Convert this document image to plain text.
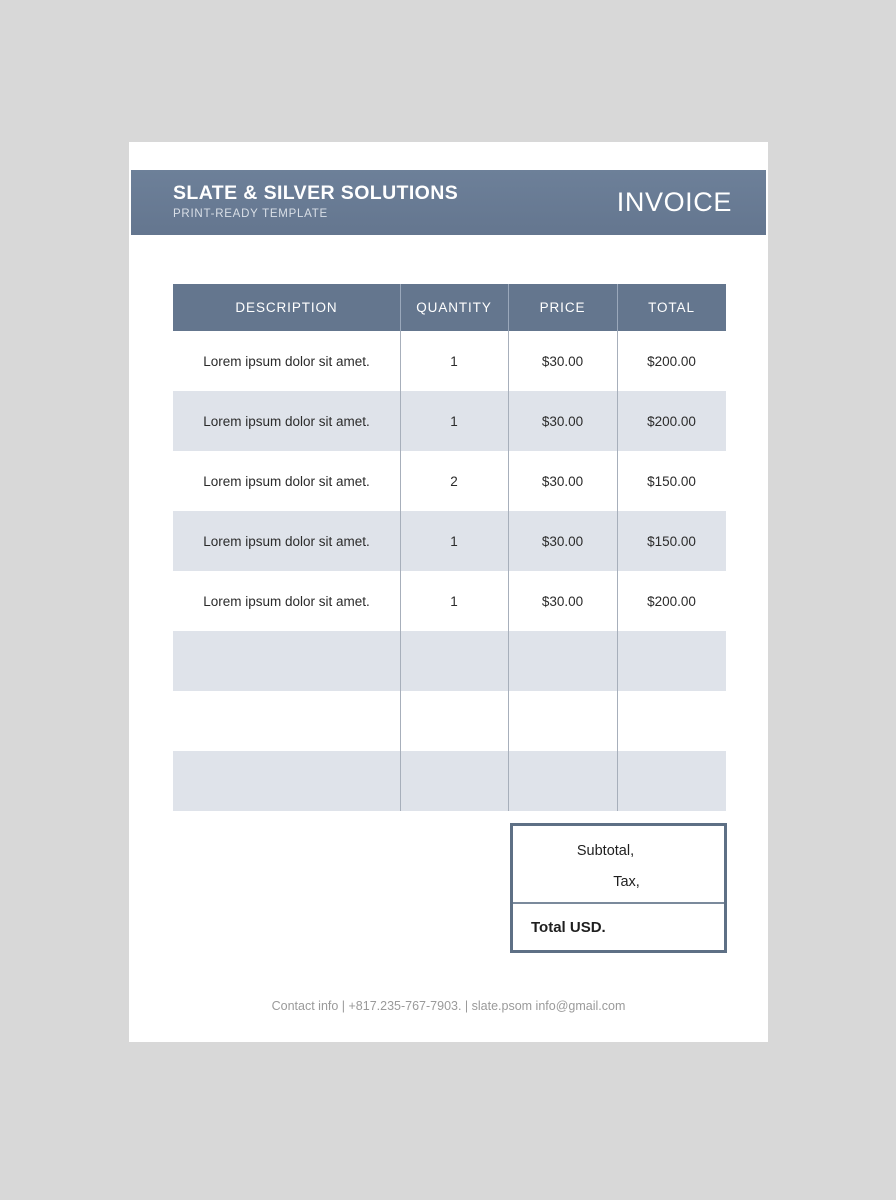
SLATE & SILVER SOLUTIONS
PRINT-READY TEMPLATE	INVOICE
DESCRIPTION	QUANTITY	PRICE	TOTAL
Lorem ipsum dolor sit amet.	1	$30.00	$200.00
Lorem ipsum dolor sit amet.	1	$30.00	$200.00
Lorem ipsum dolor sit amet.	2	$30.00	$150.00
Lorem ipsum dolor sit amet.	1	$30.00	$150.00
Lorem ipsum dolor sit amet.	1	$30.00	$200.00
Subtotal,
Tax,
Total USD.
Contact info | +817.235-767-7903. | slate.psom info@gmail.com
